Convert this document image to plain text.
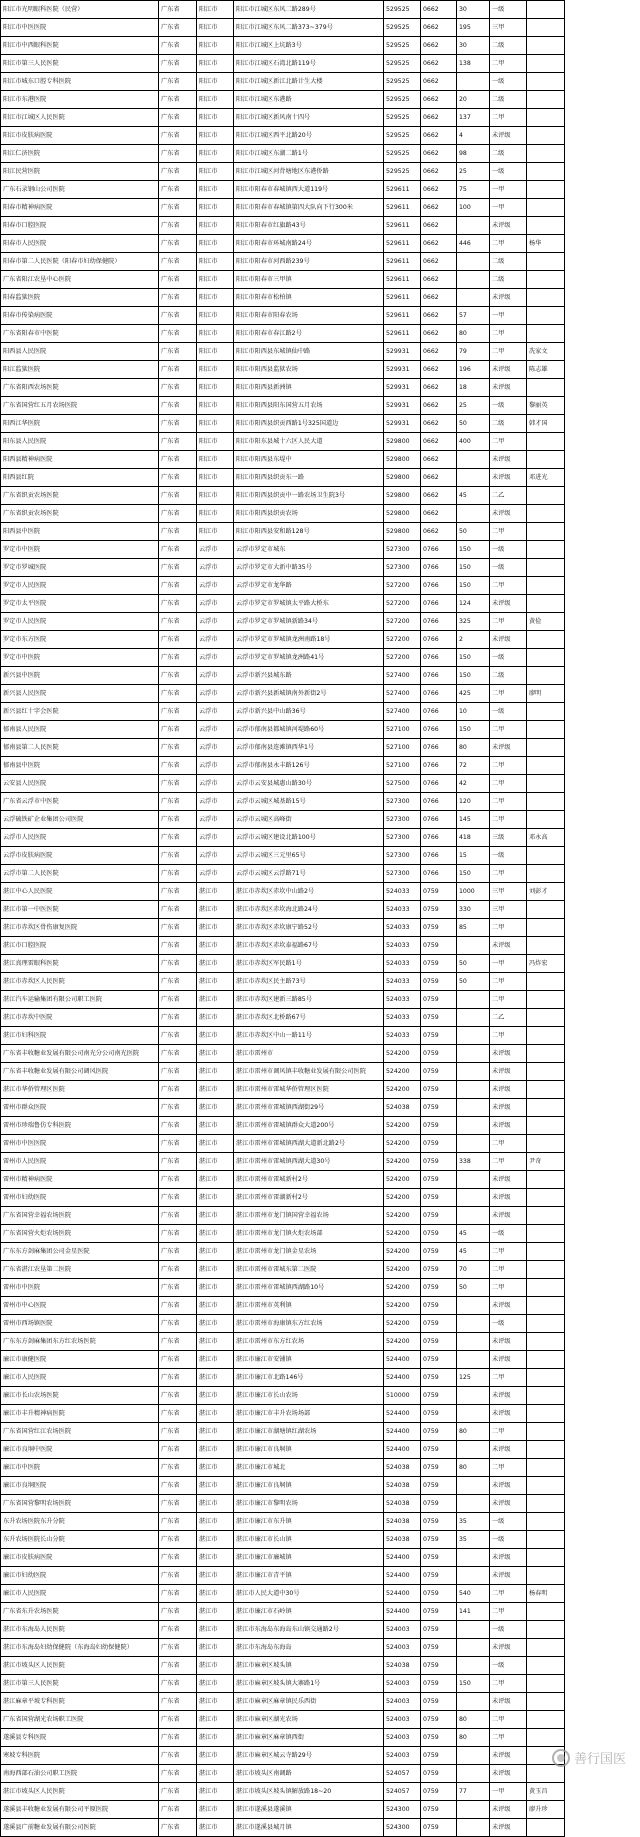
阳江市光明眼科医院（民营）	广东省	阳江市	阳江市江城区东风二路289号	529525	0662	30	一级	
阳江市中医医院	广东省	阳江市	阳江市江城区东风二路373~379号	529525	0662	195	三甲	
阳江市中西眼科医院	广东省	阳江市	阳江市江城区上坑路3号	529525	0662	30	二级	
阳江市第三人民医院	广东省	阳江市	阳江市江城区石湾北路119号	529525	0662	138	二甲	
阳江市城东口腔专科医院	广东省	阳江市	阳江市江城区新江北路计生大楼	529525	0662		一级	
阳江市东港医院	广东省	阳江市	阳江市江城区东港路	529525	0662	20	二级	
阳江市江城区人民医院	广东省	阳江市	阳江市江城区新风南十四号	529525	0662	137	二甲	
阳江市皮肤病医院	广东省	阳江市	阳江市江城区西平北路20号	529525	0662	4	未评级	
阳江仁济医院	广东省	阳江市	阳江市江城区东湖二路1号	529525	0662	98	二级	
阳江民营医院	广东省	阳江市	阳江市江城区河背塘地区东港侨路	529525	0662	25	一级	
广东石录钢山公司医院	广东省	阳江市	阳江市阳春市春城镇西大道119号	529611	0662	75	一甲	
阳春市精神病医院	广东省	阳江市	阳江市阳春市春城镇第四大队向下行300米	529611	0662	100	一甲	
阳春市口腔医院	广东省	阳江市	阳江市阳春市红旗路43号	529611	0662		未评级	
阳春市人民医院	广东省	阳江市	阳江市阳春市环城南路24号	529611	0662	446	二甲	杨华
阳春市第二人民医院（阳春市妇幼保健院）	广东省	阳江市	阳江市阳春市河西路239号	529611	0662		二级	
广东省阳江农垦中心医院	广东省	阳江市	阳江市阳春市三甲镇	529611	0662		二级	
阳春监狱医院	广东省	阳江市	阳江市阳春市松柏镇	529611	0662		未评级	
阳春市传染病医院	广东省	阳江市	阳江市阳春市阳春农场	529611	0662	57	一甲	
广东省阳春市中医院	广东省	阳江市	阳江市阳春市春江路2号	529611	0662	80	二甲	
阳西县人民医院	广东省	阳江市	阳江市阳西县东城镇仙中路	529931	0662	79	二甲	冼家文
阳江监狱医院	广东省	阳江市	阳江市阳西县监狱农场	529931	0662	196	未评级	陈志雄
广东省阳西农场医院	广东省	阳江市	阳江市阳西县新洲镇	529931	0662	18	未评级	
广东省国营红五月农场医院	广东省	阳江市	阳江市阳西县阳东国营五月农场	529931	0662	25	一级	黎丽英
阳西江华医院	广东省	阳江市	阳江市阳西县织贡西路1号325国道边	529931	0662	50	二级	韩才国
阳东县人民医院	广东省	阳江市	阳江市阳东县城十六区人民大道	529800	0662	400	二甲	
阳西县精神病医院	广东省	阳江市	阳江市阳西县东堤中	529800	0662		未评级	
阳西县红院	广东省	阳江市	阳江市阳西县织贡东一路	529800	0662		未评级	邓进光
广东省织贡农场医院	广东省	阳江市	阳江市阳西县织贡中一路农场卫生院3号	529800	0662	45	二乙	
广东省织贡农场医院	广东省	阳江市	阳江市阳西县织贡农场	529800	0662		未评级	
阳西县中医院	广东省	阳江市	阳江市阳西县安和路128号	529800	0662	50	二甲	
罗定市中医院	广东省	云浮市	云浮市罗定市城东	527300	0766	150	一级	
罗定市罗城医院	广东省	云浮市	云浮市罗定市大新中路35号	527300	0766	150	一级	
罗定市人民医院	广东省	云浮市	云浮市罗定市龙华路	527200	0766	150	二甲	
罗定市太平医院	广东省	云浮市	云浮市罗定市罗城镇太平路大桥东	527200	0766	124	未评级	
罗定市人民医院	广东省	云浮市	云浮市罗定市罗城镇新路34号	527200	0766	325	二甲	黄俭
罗定市东方医院	广东省	云浮市	云浮市罗定市罗城镇龙洲南路18号	527200	0766	2	未评级	
罗定市中医院	广东省	云浮市	云浮市罗定市罗城镇龙洲路41号	527200	0766	150	一级	
新兴县中医院	广东省	云浮市	云浮市新兴县城东路	527400	0766	150	二级	
新兴县人民医院	广东省	云浮市	云浮市新兴县新城镇南外新街2号	527400	0766	425	二甲	廖明
新兴县红十字会医院	广东省	云浮市	云浮市新兴县中山路36号	527400	0766	10	一级	
郁南县人民医院	广东省	云浮市	云浮市郁南县都城镇河堤路60号	527100	0766	150	二甲	
郁南县第二人民医院	广东省	云浮市	云浮市郁南县连滩镇西华1号	527100	0766	80	未评级	
郁南县中医院	广东省	云浮市	云浮市郁南县永丰路126号	527100	0766	72	二甲	
云安县人民医院	广东省	云浮市	云浮市云安县城惠山路30号	527500	0766	42	二甲	
广东省云浮市中医院	广东省	云浮市	云浮市云城区城基路15号	527300	0766	120	二甲	
云浮硫铁矿企业集团公司医院	广东省	云浮市	云浮市云城区高峰街	527300	0766	145	二甲	
云浮市人民医院	广东省	云浮市	云浮市云城区建设北路100号	527300	0766	418	三级	邓永高
云浮市皮肤病医院	广东省	云浮市	云浮市云城区三元里65号	527300	0766	15	一级	
云浮市第二人民医院	广东省	云浮市	云浮市云城区云浮路71号	527300	0766	150	二甲	
湛江中心人民医院	广东省	湛江市	湛江市赤坎区赤坎中山路2号	524033	0759	1000	三甲	刘彭才
湛江市第一中医医院	广东省	湛江市	湛江市赤坎区赤坎海北路24号	524033	0759	330	三甲	
湛江市赤坎区骨伤康复医院	广东省	湛江市	湛江市赤坎区赤坎康宁路52号	524033	0759	85	二甲	
湛江市口腔医院	广东省	湛江市	湛江市赤坎区赤坎泰福路67号	524033	0759		未评级	
湛江真理雷眼科医院	广东省	湛江市	湛江市赤坎区军民路1号	524033	0759	50	一甲	冯炸宏
湛江市赤坎区人民医院	广东省	湛江市	湛江市赤坎区民主路73号	524033	0759	50	二甲	
湛江汽车运输集团有限公司职工医院	广东省	湛江市	湛江市赤坎区建新三路85号	524033	0759		二甲	
湛江市赤坎中医院	广东省	湛江市	湛江市赤坎区北桥路67号	524033	0759		二乙	
湛江市妇科医院	广东省	湛江市	湛江市赤坎区中山一路11号	524033	0759		二甲	
广东省丰收糖业发展有限公司南光分公司南光医院	广东省	湛江市	湛江市雷州市	524200	0759		未评级	
广东省丰收糖业发展有限公司调风医院	广东省	湛江市	湛江市雷州市调风镇丰收糖业发展有限公司医院	524200	0759		未评级	
湛江市华侨管理区医院	广东省	湛江市	湛江市雷州市雷城华侨管理区医院	524200	0759		未评级	
雷州市群众医院	广东省	湛江市	湛江市雷州市雷城镇西湖街29号	524038	0759		未评级	
雷州市珍瑞鲁仿专科医院	广东省	湛江市	湛江市雷州市雷城镇群众大道200号	524200	0759		未评级	
雷州市中医医院	广东省	湛江市	湛江市雷州市雷城镇西湖大道新北路2号	524200	0759		二甲	
雷州市人民医院	广东省	湛江市	湛江市雷州市雷城镇西湖大道30号	524200	0759	338	二甲	尹奇
雷州市精神病医院	广东省	湛江市	湛江市雷州市雷城新村2号	524200	0759		未评级	
雷州市妇幼医院	广东省	湛江市	湛江市雷州市雷湖新村2号	524200	0759		未评级	
广东省国营幸福农场医院	广东省	湛江市	湛江市雷州市龙门镇国营幸福农场	524200	0759		未评级	
广东省国营火炬农场医院	广东省	湛江市	湛江市雷州市龙门镇火炬农场部	524200	0759	45	一级	
广东东方剑麻集团公司金星医院	广东省	湛江市	湛江市雷州市龙门镇金星农场	524200	0759	45	二甲	
广东省湛江农垦第二医院	广东省	湛江市	湛江市雷州市雷城东第二医院	524200	0759	70	二甲	
雷州市中医院	广东省	湛江市	湛江市雷州市雷城镇西湖路10号	524200	0759	50	二甲	
雷州市中心医院	广东省	湛江市	湛江市雷州市英利镇	524200	0759		未评级	
雷州市西场镇医院	广东省	湛江市	湛江市雷州市海康镇东方红农场	524200	0759		一级	
广东东方剑麻集团东方红农场医院	广东省	湛江市	湛江市雷州市东方红农场	524200	0759		未评级	
廉江市康健医院	广东省	湛江市	湛江市廉江市安铺镇	524400	0759		未评级	
廉江市人民医院	广东省	湛江市	湛江市廉江市北路146号	524400	0759	125	二甲	
廉江市长山农场医院	广东省	湛江市	湛江市廉江市长山农场	510000	0759		未评级	
廉江市丰升精神病医院	广东省	湛江市	湛江市廉江市丰升农场场部	524400	0759		未评级	
广东省国营红江农场医院	广东省	湛江市	湛江市廉江市湖塘镇红湖农场	524400	0759	80	二甲	
廉江市良垌中医院	广东省	湛江市	湛江市廉江市良垌镇	524400	0759		未评级	
廉江市中医院	广东省	湛江市	湛江市廉江市城北	524038	0759	80	二甲	
廉江市良垌医院	广东省	湛江市	湛江市廉江市良垌镇	524038	0759		未评级	
广东省国营黎明农场医院	广东省	湛江市	湛江市廉江市黎明农场	524038	0759		未评级	
东升农场医院东升分院	广东省	湛江市	湛江市廉江市东升镇	524038	0759	35	一级	
东升农场医院长山分院	广东省	湛江市	湛江市廉江市长山镇	524038	0759	35	一级	
廉江市皮肤病医院	广东省	湛江市	湛江市廉江市廉城镇	524400	0759		未评级	
廉江市妇幼医院	广东省	湛江市	湛江市廉江市青平镇	524400	0759		未评级	
廉江市人民医院	广东省	湛江市	湛江市人民大道中30号	524400	0759	540	二甲	杨春明
广东省东升农场医院	广东省	湛江市	湛江市廉江市石岭镇	524400	0759	141	二甲	
湛江市东海岛人民医院	广东省	湛江市	湛江市东海岛东海岛东山镇交通路2号	524003	0759		一级	
湛江市东海岛妇幼保健院（东海岛妇幼保健院）	广东省	湛江市	湛江市东海岛东海岛	524003	0759		未评级	
湛江市坡头区人民医院	广东省	湛江市	湛江市麻章区坡头镇	524038	0759		一级	
湛江市第三人民医院	广东省	湛江市	湛江市麻章区坡头镇大寨路1号	524003	0759	150	二甲	
湛江麻章平坡专科医院	广东省	湛江市	湛江市麻章区麻章镇民乐西街	524003	0759		未评级	
广东省国营湖光农场职工医院	广东省	湛江市	湛江市麻章区湖光农场	524003	0759	80	二甲	
遂溪县专科医院	广东省	湛江市	湛江市麻章区麻章镇西街	524003	0759	80	二甲	
寒坡专科医院	广东省	湛江市	湛江市麻章区城云寺路29号	524003	0759		未评级	
南海西部石油公司职工医院	广东省	湛江市	湛江市坡头区南调路	524057	0759		未评级	
湛江市坡头区人民医院	广东省	湛江市	湛江市坡头区坡头镇解放路18~20	524057	0759	77	一甲	黄玉昌
遂溪县丰收糖业发展有限公司平原医院	广东省	湛江市	湛江市遂溪县遂溪镇	524300	0759		未评级	廖升珍
遂溪县广前糖业发展有限公司医院	广东省	湛江市	湛江市遂溪县城月镇	524300	0759		未评级	
善行国医
